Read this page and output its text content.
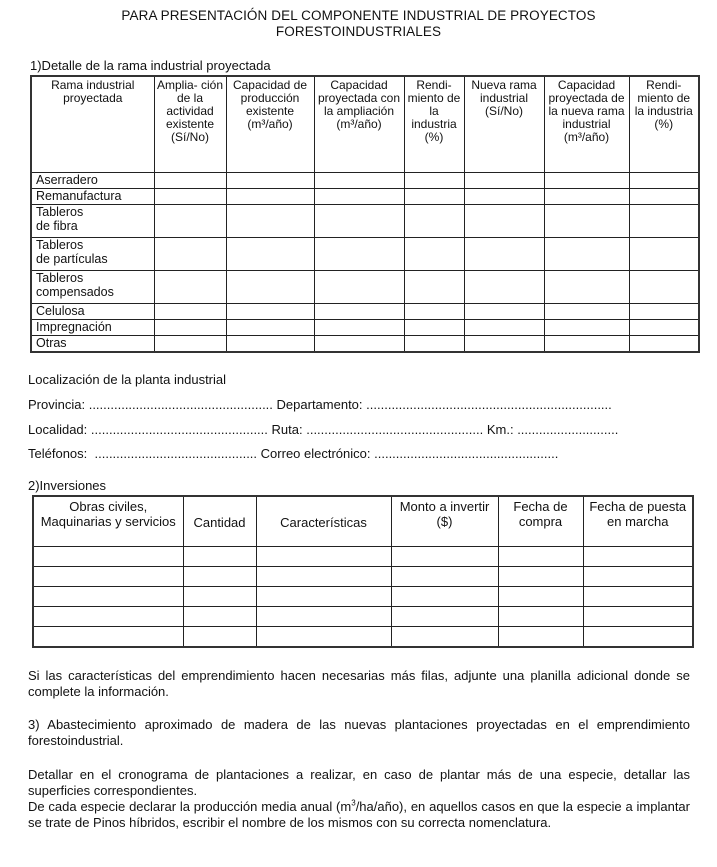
PARA PRESENTACIÓN DEL COMPONENTE INDUSTRIAL DE PROYECTOS
FORESTOINDUSTRIALES
1)Detalle de la rama industrial proyectada
Rama industrial proyectada	Amplia- ción de la actividad existente (Sí/No)	Capacidad de producción existente (m³/año)	Capacidad proyectada con la ampliación (m³/año)	Rendi- miento de la industria (%)	Nueva rama industrial (Sí/No)	Capacidad proyectada de la nueva rama industrial (m³/año)	Rendi- miento de la industria (%)

Aserradero							

Remanufactura							

Tableros
de fibra							

Tableros
de partículas							

Tableros
compensados							

Celulosa							

Impregnación							

Otras							

Localización de la planta industrial
Provincia: ................................................... Departamento: ....................................................................
Localidad: ................................................. Ruta: ................................................. Km.: ............................
Teléfonos:  ............................................. Correo electrónico: ...................................................
2)Inversiones
Obras civiles, Maquinarias y servicios	Cantidad	Características	Monto a invertir ($)	Fecha de compra	Fecha de puesta en marcha

Si las características del emprendimiento hacen necesarias más filas, adjunte una planilla adicional donde se complete la información.
3) Abastecimiento aproximado de madera de las nuevas plantaciones proyectadas en el emprendimiento forestoindustrial.
Detallar en el cronograma de plantaciones a realizar, en caso de plantar más de una especie, detallar las superficies correspondientes.
De cada especie declarar la producción media anual $(m^3/ha/año)$, en aquellos casos en que la especie a implantar se trate de Pinos híbridos, escribir el nombre de los mismos con su correcta nomenclatura.
